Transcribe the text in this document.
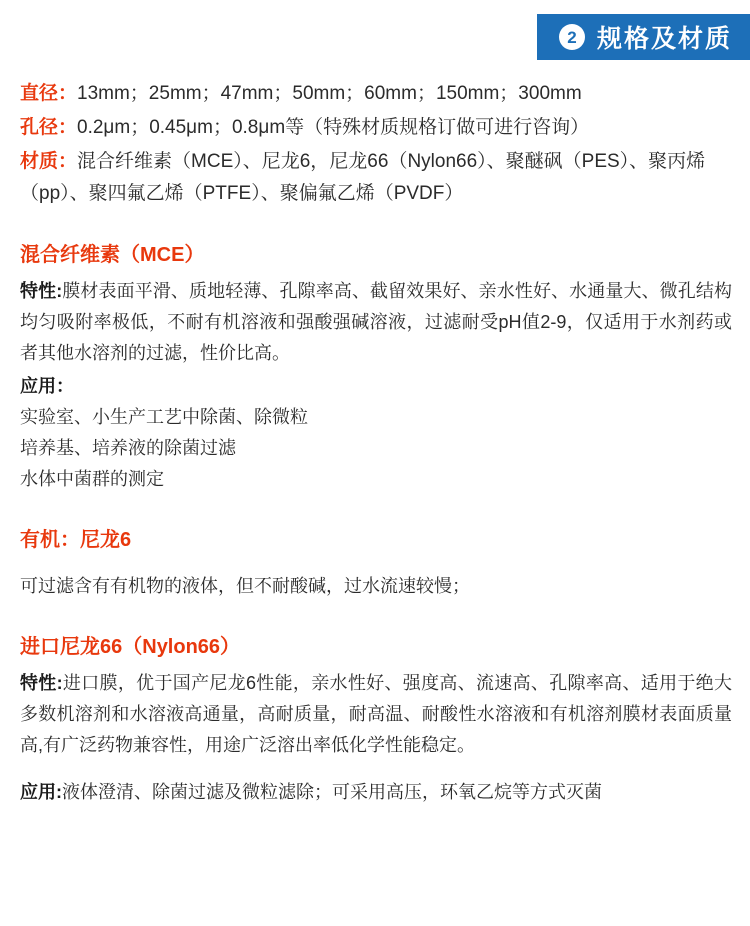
2 规格及材质
直径：13mm；25mm；47mm；50mm；60mm；150mm；300mm
孔径：0.2μm；0.45μm；0.8μm等（特殊材质规格订做可进行咨询）
材质：混合纤维素（MCE）、尼龙6，尼龙66（Nylon66）、聚醚砜（PES）、聚丙烯（pp）、聚四氟乙烯（PTFE）、聚偏氟乙烯（PVDF）
混合纤维素（MCE）
特性:膜材表面平滑、质地轻薄、孔隙率高、截留效果好、亲水性好、水通量大、微孔结构均匀吸附率极低，不耐有机溶液和强酸强碱溶液，过滤耐受pH值2-9，仅适用于水剂药或者其他水溶剂的过滤，性价比高。
应用：
实验室、小生产工艺中除菌、除微粒
培养基、培养液的除菌过滤
水体中菌群的测定
有机：尼龙6
可过滤含有有机物的液体，但不耐酸碱，过水流速较慢；
进口尼龙66（Nylon66）
特性:进口膜，优于国产尼龙6性能，亲水性好、强度高、流速高、孔隙率高、适用于绝大多数机溶剂和水溶液高通量，高耐质量，耐高温、耐酸性水溶液和有机溶剂膜材表面质量高,有广泛药物兼容性，用途广泛溶出率低化学性能稳定。
应用:液体澄清、除菌过滤及微粒滤除；可采用高压，环氧乙烷等方式灭菌
